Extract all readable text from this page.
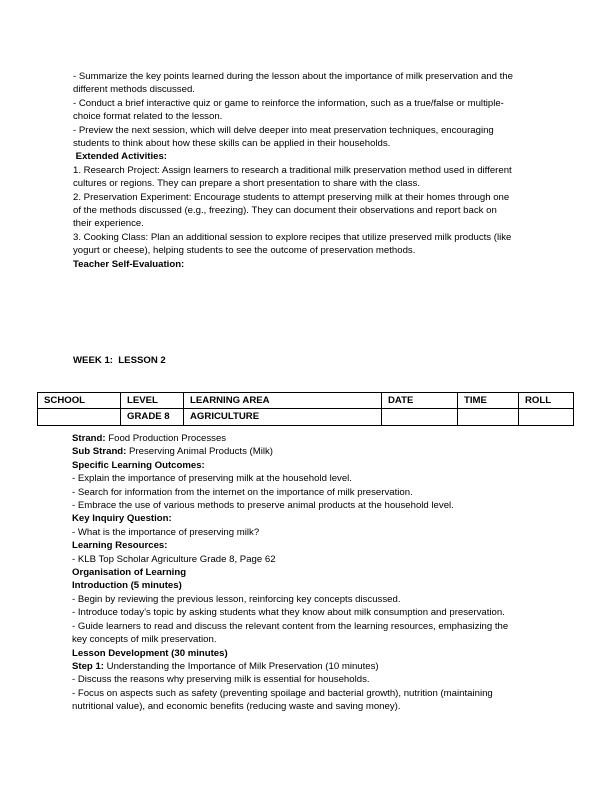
- Summarize the key points learned during the lesson about the importance of milk preservation and the
different methods discussed.
- Conduct a brief interactive quiz or game to reinforce the information, such as a true/false or multiple-
choice format related to the lesson.
- Preview the next session, which will delve deeper into meat preservation techniques, encouraging
students to think about how these skills can be applied in their households.
Extended Activities:
1. Research Project: Assign learners to research a traditional milk preservation method used in different
cultures or regions. They can prepare a short presentation to share with the class.
2. Preservation Experiment: Encourage students to attempt preserving milk at their homes through one
of the methods discussed (e.g., freezing). They can document their observations and report back on
their experience.
3. Cooking Class: Plan an additional session to explore recipes that utilize preserved milk products (like
yogurt or cheese), helping students to see the outcome of preservation methods.
Teacher Self-Evaluation:
WEEK 1:  LESSON 2
SCHOOL	LEVEL	LEARNING AREA	DATE	TIME	ROLL
	GRADE 8	AGRICULTURE			
Strand: Food Production Processes
Sub Strand: Preserving Animal Products (Milk)
Specific Learning Outcomes:
- Explain the importance of preserving milk at the household level.
- Search for information from the internet on the importance of milk preservation.
- Embrace the use of various methods to preserve animal products at the household level.
Key Inquiry Question:
- What is the importance of preserving milk?
Learning Resources:
- KLB Top Scholar Agriculture Grade 8, Page 62
Organisation of Learning
Introduction (5 minutes)
- Begin by reviewing the previous lesson, reinforcing key concepts discussed.
- Introduce today’s topic by asking students what they know about milk consumption and preservation.
- Guide learners to read and discuss the relevant content from the learning resources, emphasizing the
key concepts of milk preservation.
Lesson Development (30 minutes)
Step 1: Understanding the Importance of Milk Preservation (10 minutes)
- Discuss the reasons why preserving milk is essential for households.
- Focus on aspects such as safety (preventing spoilage and bacterial growth), nutrition (maintaining
nutritional value), and economic benefits (reducing waste and saving money).
